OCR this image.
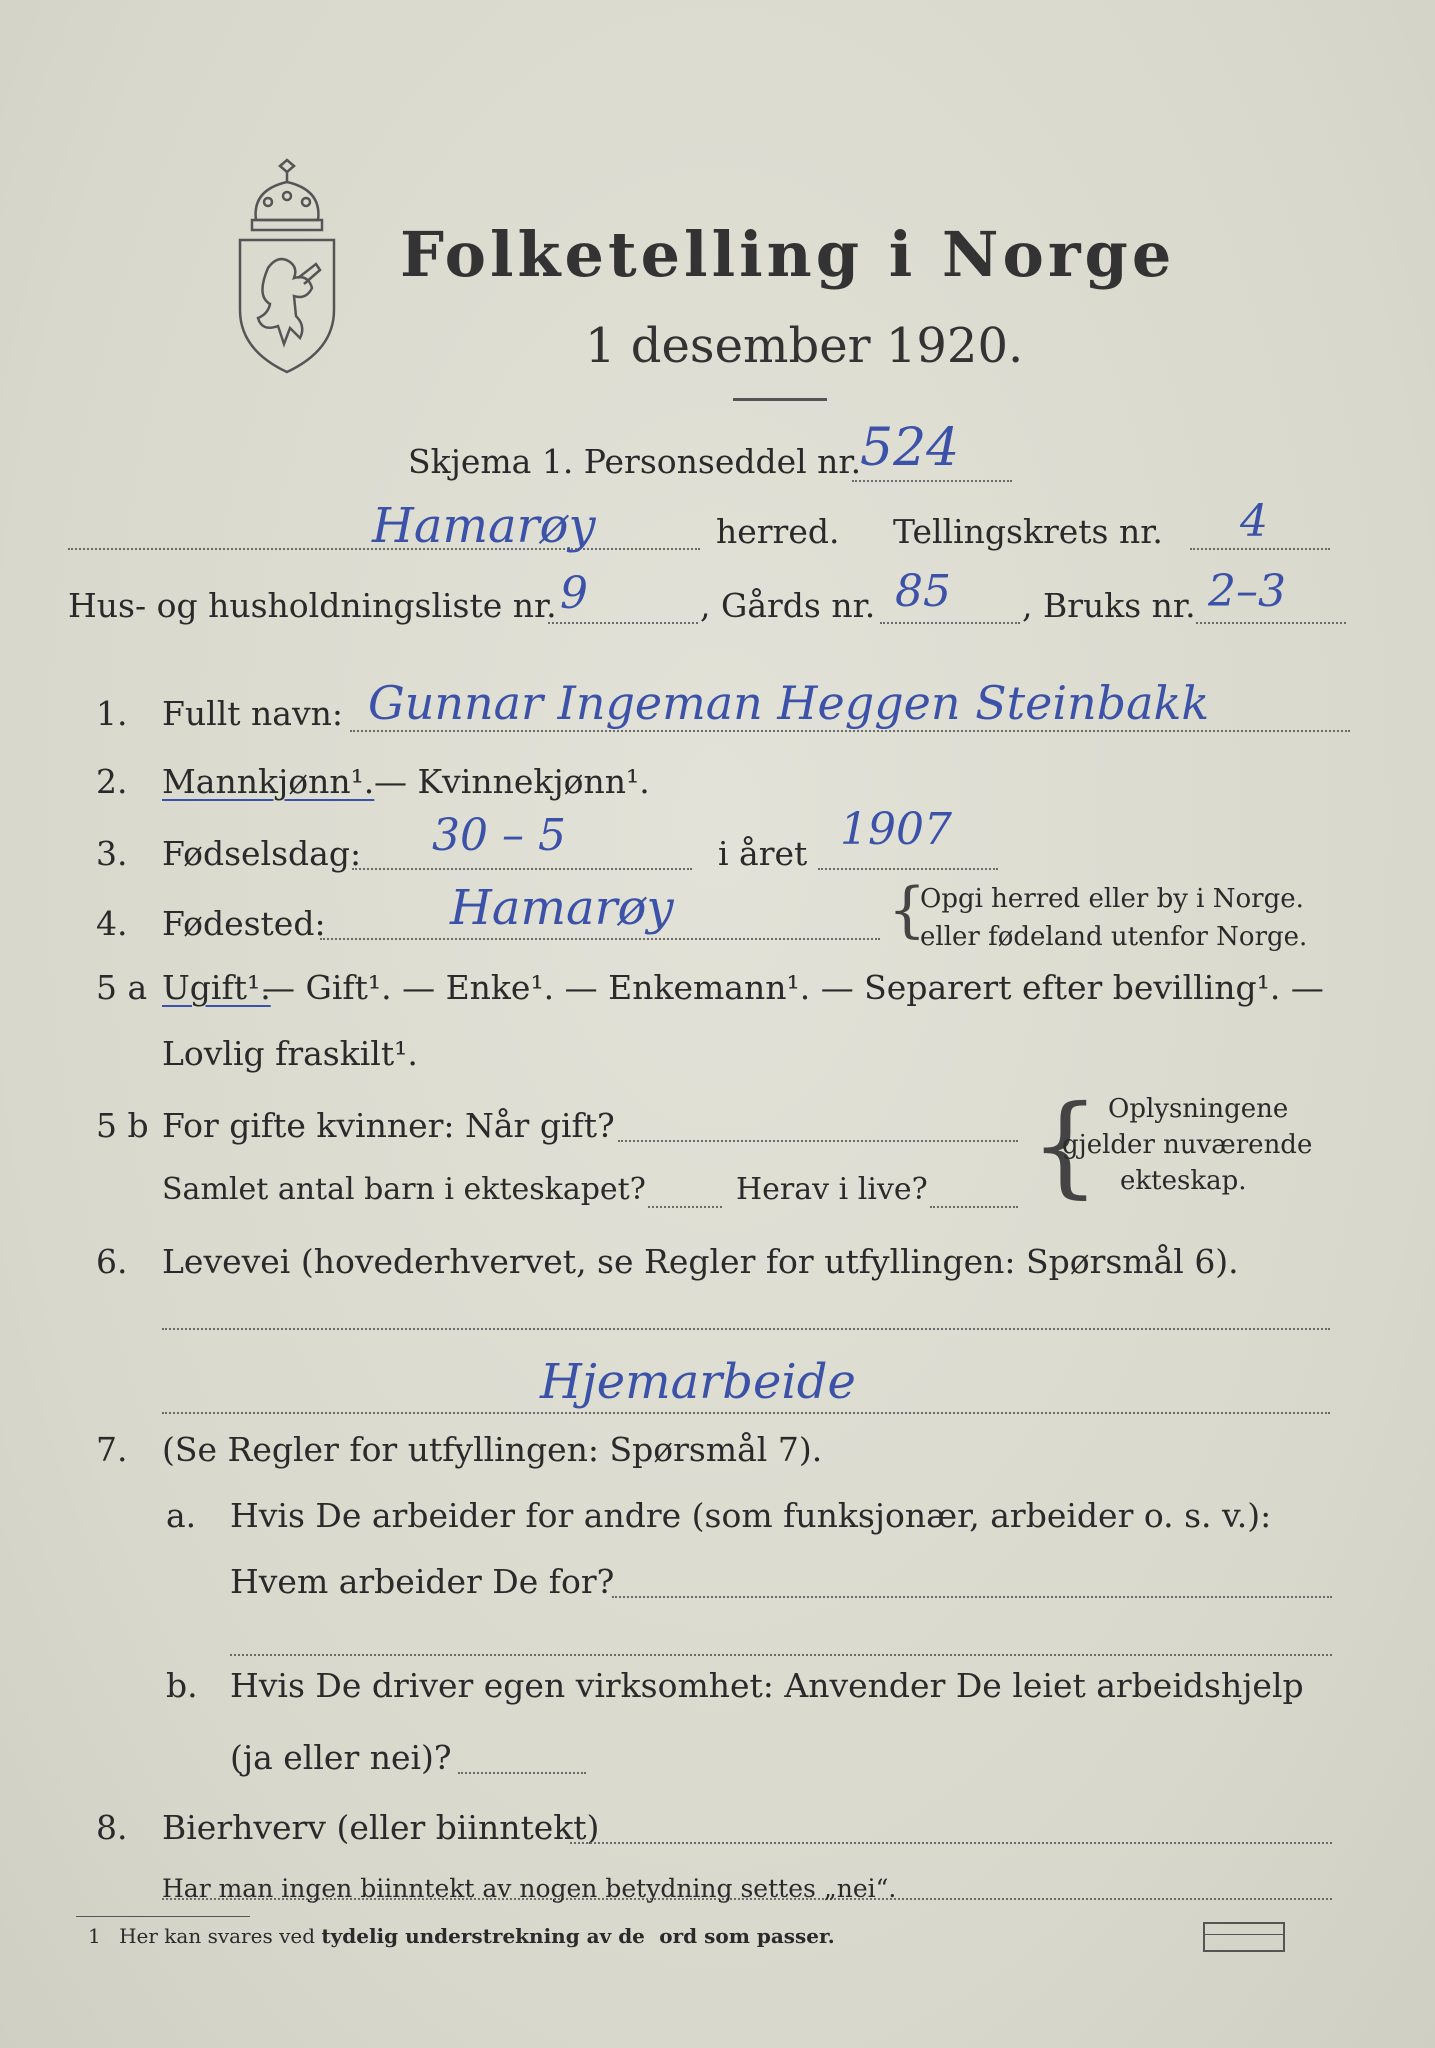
Folketelling i Norge
1 desember 1920.
Skjema 1. Personseddel nr.
524
Hamarøy	herred. Tellingskrets nr. 4
Hus- og husholdningsliste nr. 9	, Gårds nr. 85 , Bruks nr. 2–3
1. Fullt navn: Gunnar Ingeman Heggen Steinbakk
2. Mannkjønn¹. — Kvinnekjønn¹.
3. Fødselsdag: 30 – 5	i året 1907
4. Fødested:	Hamarøy	{
Opgi herred eller by i Norge.
eller fødeland utenfor Norge.
5 a Ugift¹.
— Gift¹. — Enke¹. — Enkemann¹. — Separert efter bevilling¹. —
Lovlig fraskilt¹.
5 b For gifte kvinner: Når gift?
Samlet antal barn i ekteskapet?	Herav i live? { Oplysningene
gjelder nuværende
ekteskap.
6. Levevei (hovederhvervet, se Regler for utfyllingen: Spørsmål 6).
Hjemarbeide
7. (Se Regler for utfyllingen: Spørsmål 7).
a. Hvis De arbeider for andre (som funksjonær, arbeider o. s. v.):
Hvem arbeider De for?
b. Hvis De driver egen virksomhet: Anvender De leiet arbeidshjelp
(ja eller nei)?
8. Bierhverv (eller biinntekt)
Har man ingen biinntekt av nogen betydning settes „nei“.
1 Her kan svares ved tydelig understrekning av de ord som passer.
